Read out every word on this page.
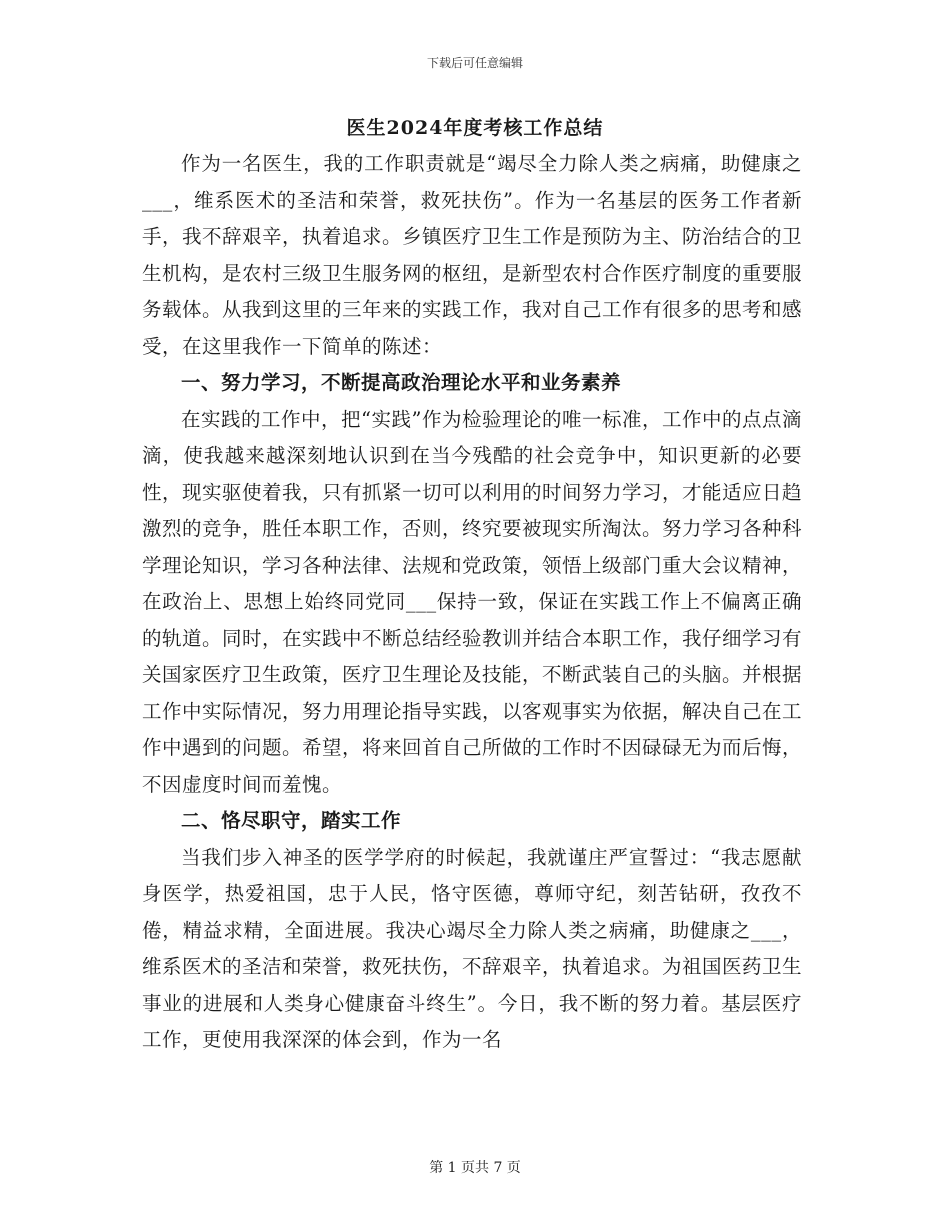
下载后可任意编辑
医生2024年度考核工作总结

作为一名医生，我的工作职责就是“竭尽全力除人类之病痛，助健康之___，维系医术的圣洁和荣誉，救死扶伤”。作为一名基层的医务工作者新手，我不辞艰辛，执着追求。乡镇医疗卫生工作是预防为主、防治结合的卫生机构，是农村三级卫生服务网的枢纽，是新型农村合作医疗制度的重要服务载体。从我到这里的三年来的实践工作，我对自己工作有很多的思考和感受，在这里我作一下简单的陈述：

一、努力学习，不断提高政治理论水平和业务素养

在实践的工作中，把“实践”作为检验理论的唯一标准，工作中的点点滴滴，使我越来越深刻地认识到在当今残酷的社会竞争中，知识更新的必要性，现实驱使着我，只有抓紧一切可以利用的时间努力学习，才能适应日趋激烈的竞争，胜任本职工作，否则，终究要被现实所淘汰。努力学习各种科学理论知识，学习各种法律、法规和党政策，领悟上级部门重大会议精神，在政治上、思想上始终同党同___保持一致，保证在实践工作上不偏离正确的轨道。同时，在实践中不断总结经验教训并结合本职工作，我仔细学习有关国家医疗卫生政策，医疗卫生理论及技能，不断武装自己的头脑。并根据工作中实际情况，努力用理论指导实践，以客观事实为依据，解决自己在工作中遇到的问题。希望，将来回首自己所做的工作时不因碌碌无为而后悔，不因虚度时间而羞愧。

二、恪尽职守，踏实工作

当我们步入神圣的医学学府的时候起，我就谨庄严宣誓过：“我志愿献身医学，热爱祖国，忠于人民，恪守医德，尊师守纪，刻苦钻研，孜孜不倦，精益求精，全面进展。我决心竭尽全力除人类之病痛，助健康之___，维系医术的圣洁和荣誉，救死扶伤，不辞艰辛，执着追求。为祖国医药卫生事业的进展和人类身心健康奋斗终生”。今日，我不断的努力着。基层医疗工作，更使用我深深的体会到，作为一名

第 1 页共 7 页
